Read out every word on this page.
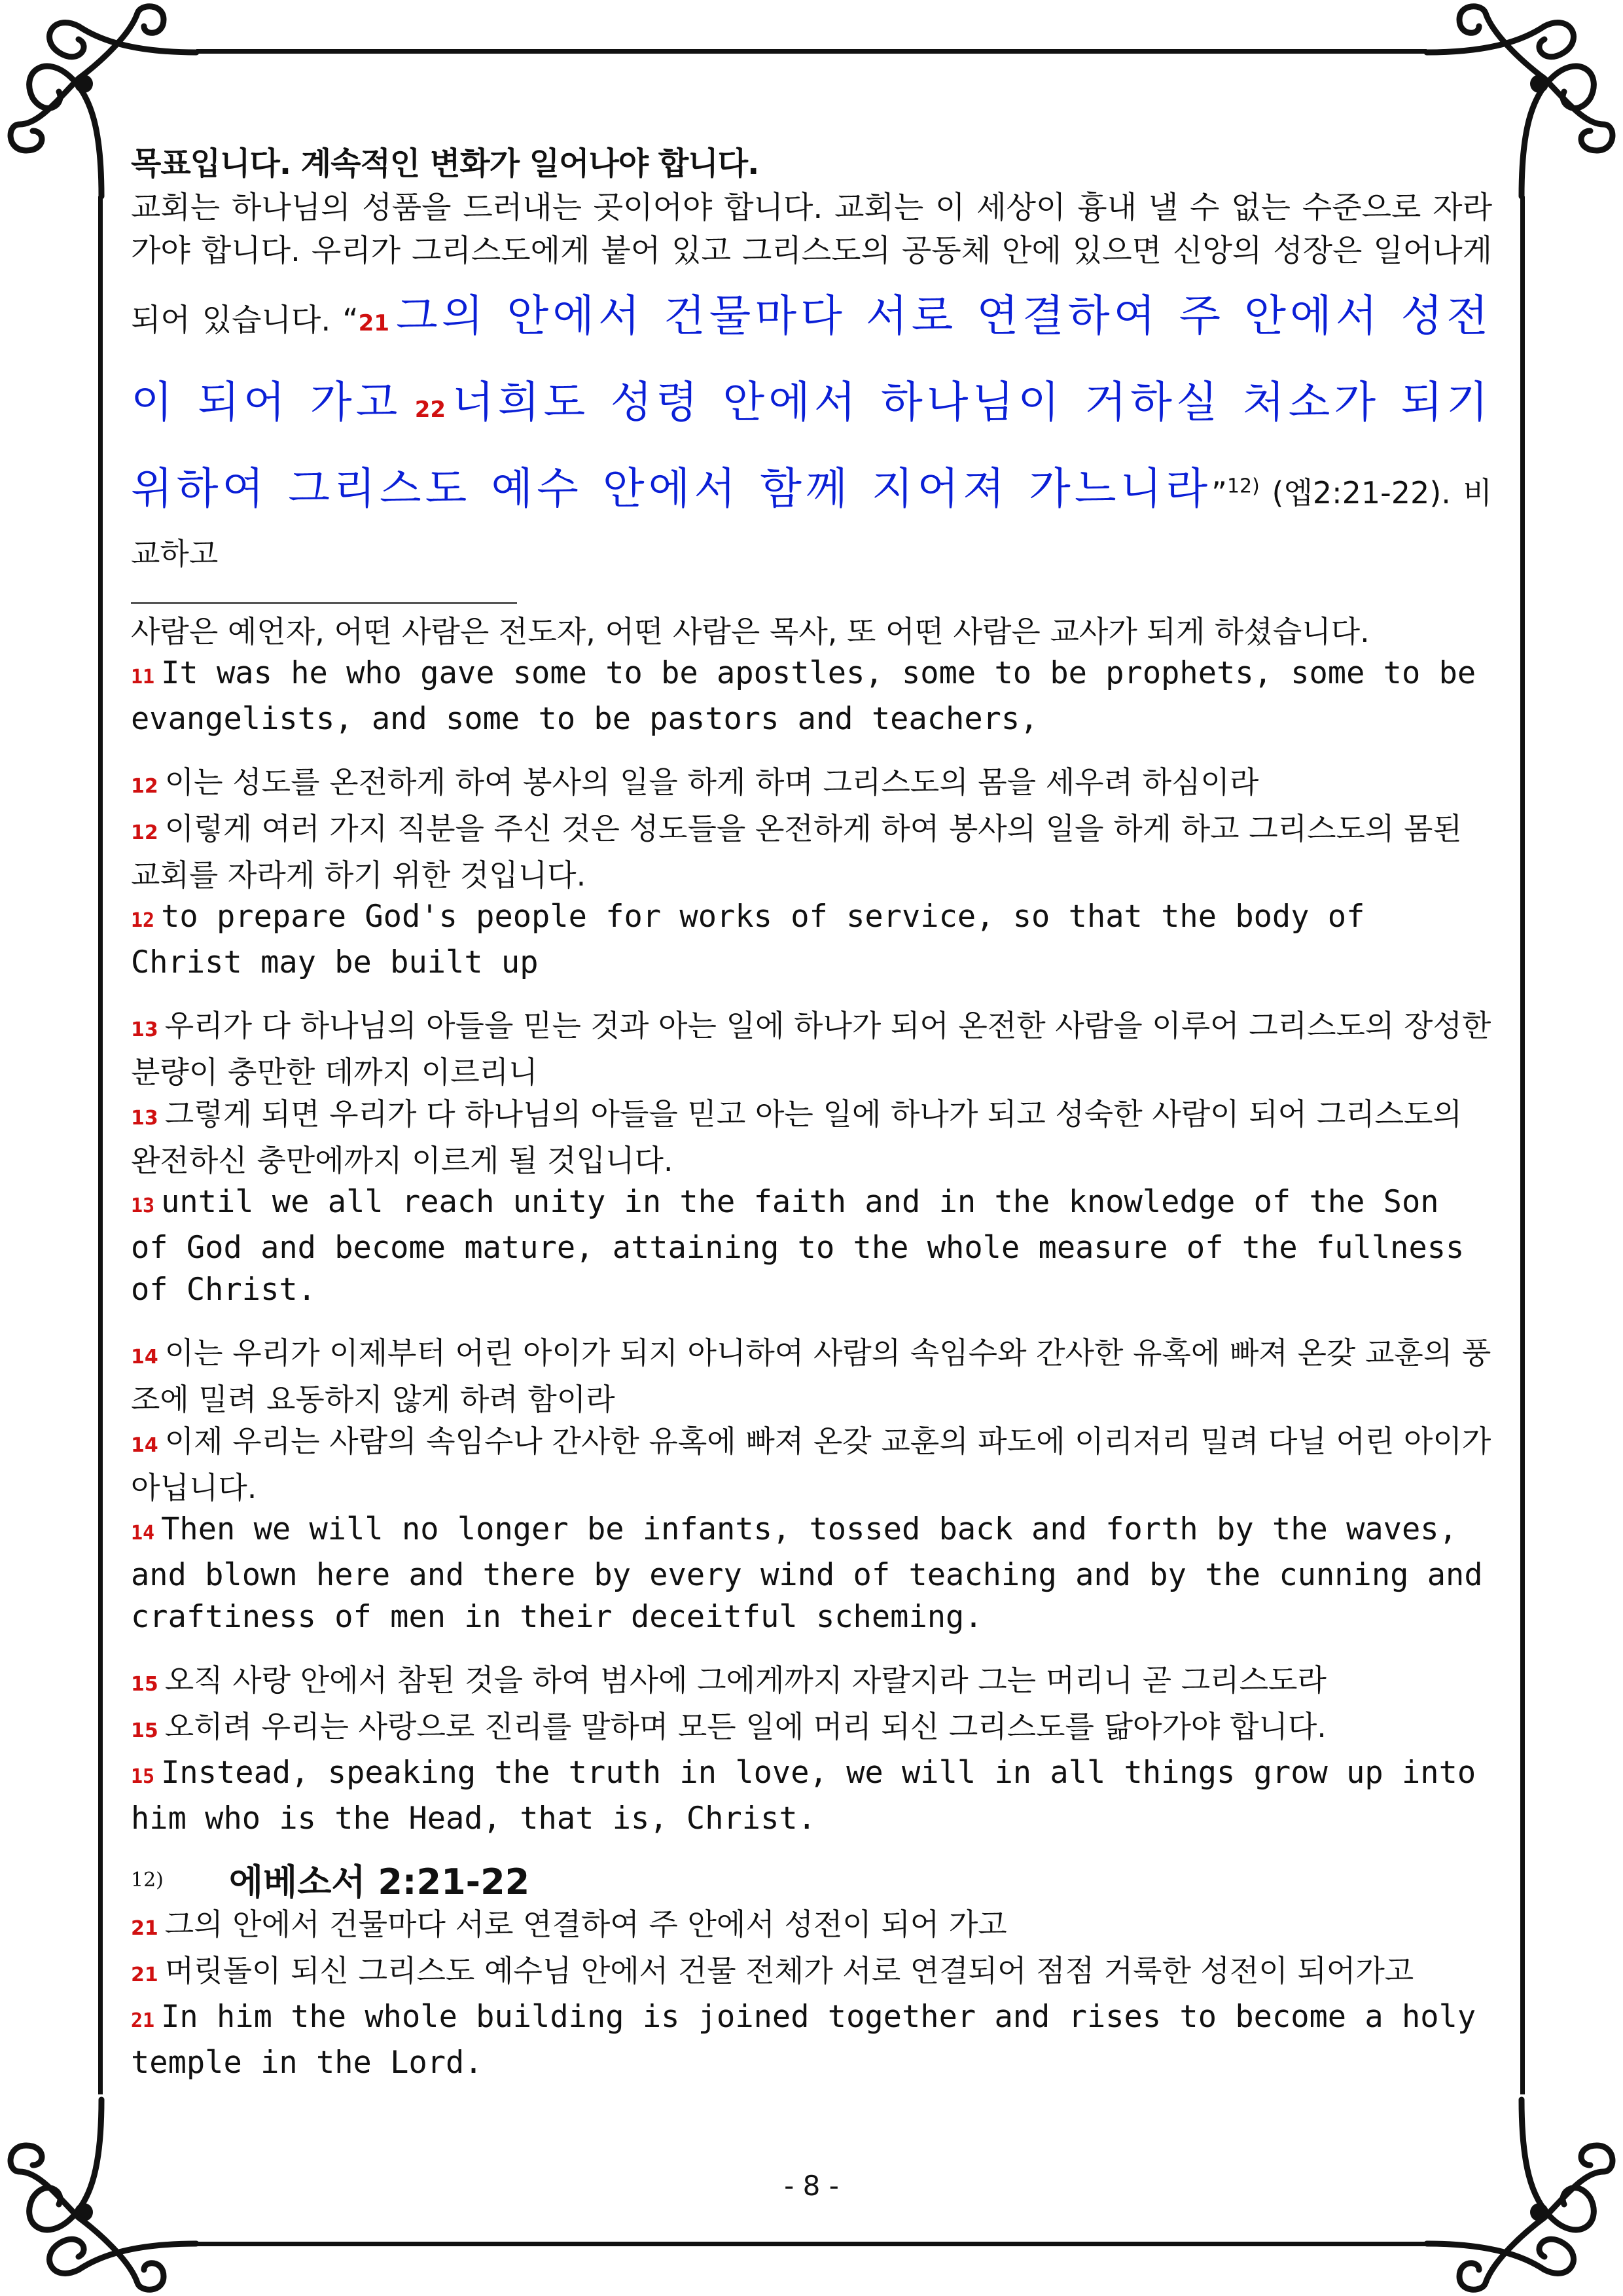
목표입니다. 계속적인 변화가 일어나야 합니다.

교회는 하나님의 성품을 드러내는 곳이어야 합니다. 교회는 이 세상이 흉내 낼 수 없는 수준으로 자라가야 합니다. 우리가 그리스도에게 붙어 있고 그리스도의 공동체 안에 있으면 신앙의 성장은 일어나게 되어 있습니다. “21 그의 안에서 건물마다 서로 연결하여 주 안에서 성전이 되어 가고 22 너희도 성령 안에서 하나님이 거하실 처소가 되기 위하여 그리스도 예수 안에서 함께 지어져 가느니라”$^{12)}$ (엡2:21-22). 비교하고

사람은 예언자, 어떤 사람은 전도자, 어떤 사람은 목사, 또 어떤 사람은 교사가 되게 하셨습니다.

11 It was he who gave some to be apostles, some to be prophets, some to be evangelists, and some to be pastors and teachers,

12 이는 성도를 온전하게 하여 봉사의 일을 하게 하며 그리스도의 몸을 세우려 하심이라

12 이렇게 여러 가지 직분을 주신 것은 성도들을 온전하게 하여 봉사의 일을 하게 하고 그리스도의 몸된 교회를 자라게 하기 위한 것입니다.

12 to prepare God's people for works of service, so that the body of Christ may be built up

13 우리가 다 하나님의 아들을 믿는 것과 아는 일에 하나가 되어 온전한 사람을 이루어 그리스도의 장성한 분량이 충만한 데까지 이르리니

13 그렇게 되면 우리가 다 하나님의 아들을 믿고 아는 일에 하나가 되고 성숙한 사람이 되어 그리스도의 완전하신 충만에까지 이르게 될 것입니다.

13 until we all reach unity in the faith and in the knowledge of the Son of God and become mature, attaining to the whole measure of the fullness of Christ.

14 이는 우리가 이제부터 어린 아이가 되지 아니하여 사람의 속임수와 간사한 유혹에 빠져 온갖 교훈의 풍조에 밀려 요동하지 않게 하려 함이라

14 이제 우리는 사람의 속임수나 간사한 유혹에 빠져 온갖 교훈의 파도에 이리저리 밀려 다닐 어린 아이가 아닙니다.

14 Then we will no longer be infants, tossed back and forth by the waves, and blown here and there by every wind of teaching and by the cunning and craftiness of men in their deceitful scheming.

15 오직 사랑 안에서 참된 것을 하여 범사에 그에게까지 자랄지라 그는 머리니 곧 그리스도라

15 오히려 우리는 사랑으로 진리를 말하며 모든 일에 머리 되신 그리스도를 닮아가야 합니다.

15 Instead, speaking the truth in love, we will in all things grow up into him who is the Head, that is, Christ.

$^{12)}$ 에베소서 2:21-22

21 그의 안에서 건물마다 서로 연결하여 주 안에서 성전이 되어 가고

21 머릿돌이 되신 그리스도 예수님 안에서 건물 전체가 서로 연결되어 점점 거룩한 성전이 되어가고

21 In him the whole building is joined together and rises to become a holy temple in the Lord.

- 8 -
